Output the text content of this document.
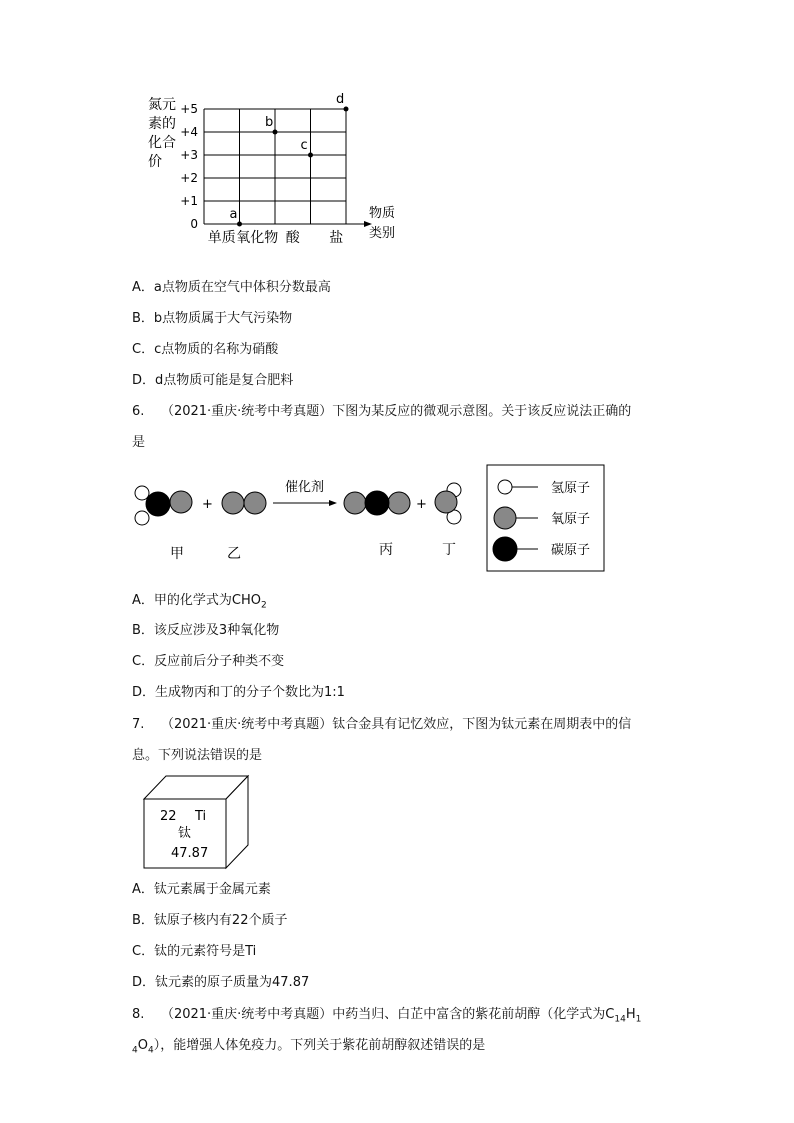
氮元
素的
化合
价
+5
+4
+3
+2
+1
0
单质 氧化物 酸 盐
物质
类别
a
b
c
d
A．a点物质在空气中体积分数最高
B．b点物质属于大气污染物
C．c点物质的名称为硝酸
D．d点物质可能是复合肥料
6. （2021·重庆·统考中考真题）下图为某反应的微观示意图。关于该反应说法正确的
是
+
催化剂
+
甲	乙	丙	丁
氢原子
氧原子
碳原子
A．甲的化学式为$CHO_2$
B．该反应涉及3种氧化物
C．反应前后分子种类不变
D．生成物丙和丁的分子个数比为1:1
7. （2021·重庆·统考中考真题）钛合金具有记忆效应，下图为钛元素在周期表中的信
息。下列说法错误的是
22 Ti
钛
47.87
A．钛元素属于金属元素
B．钛原子核内有22个质子
C．钛的元素符号是Ti
D．钛元素的原子质量为47.87
8. （2021·重庆·统考中考真题）中药当归、白芷中富含的紫花前胡醇（化学式为$C_{14}H_1$
$_4O_4$），能增强人体免疫力。下列关于紫花前胡醇叙述错误的是
